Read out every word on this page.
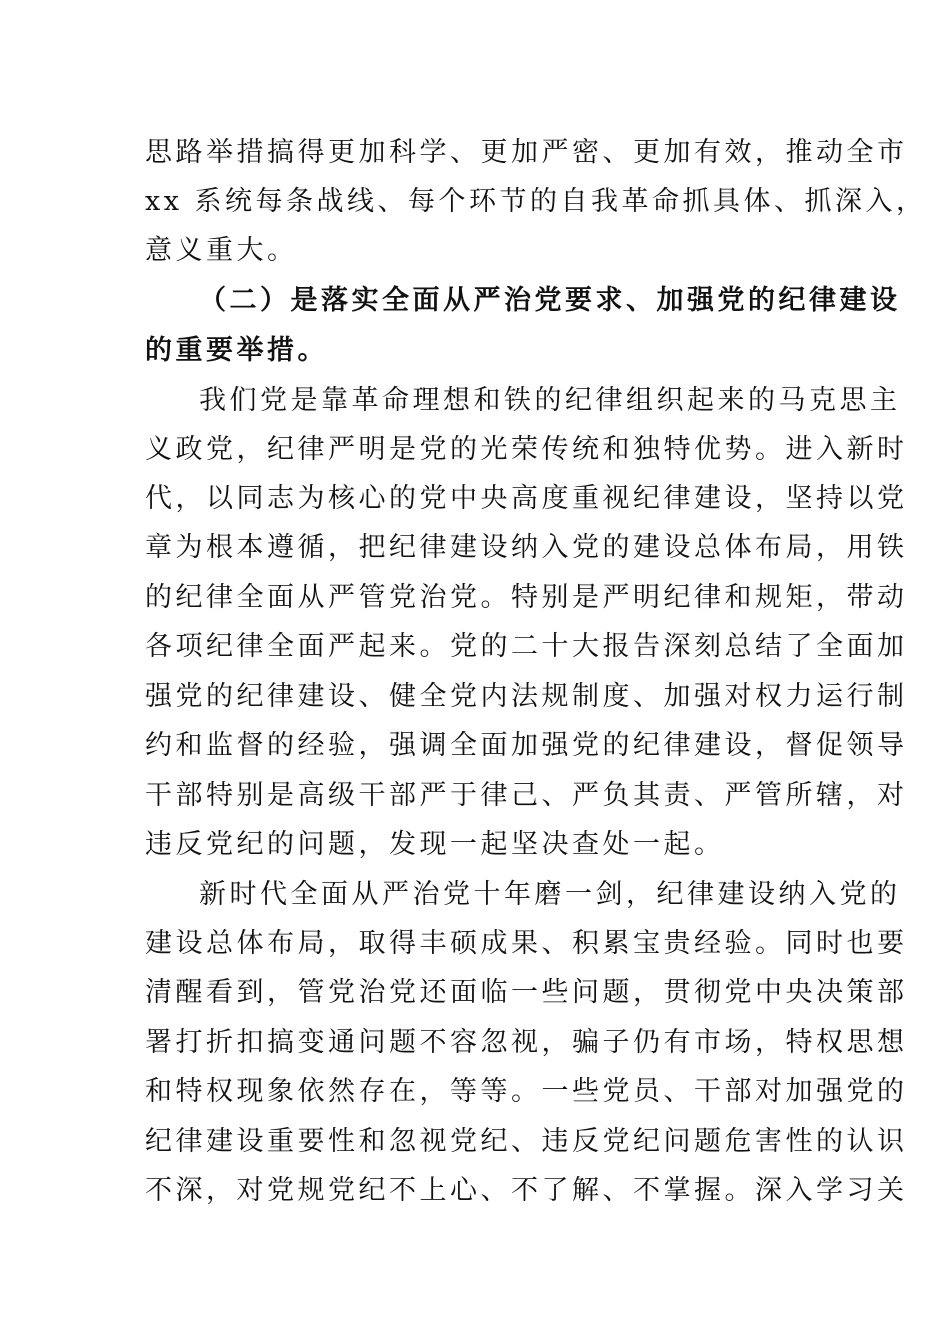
思路举措搞得更加科学、更加严密、更加有效，推动全市
xx 系统每条战线、每个环节的自我革命抓具体、抓深入，
意义重大。
（二）是落实全面从严治党要求、加强党的纪律建设
的重要举措。
我们党是靠革命理想和铁的纪律组织起来的马克思主
义政党，纪律严明是党的光荣传统和独特优势。进入新时
代，以同志为核心的党中央高度重视纪律建设，坚持以党
章为根本遵循，把纪律建设纳入党的建设总体布局，用铁
的纪律全面从严管党治党。特别是严明纪律和规矩，带动
各项纪律全面严起来。党的二十大报告深刻总结了全面加
强党的纪律建设、健全党内法规制度、加强对权力运行制
约和监督的经验，强调全面加强党的纪律建设，督促领导
干部特别是高级干部严于律己、严负其责、严管所辖，对
违反党纪的问题，发现一起坚决查处一起。
新时代全面从严治党十年磨一剑，纪律建设纳入党的
建设总体布局，取得丰硕成果、积累宝贵经验。同时也要
清醒看到，管党治党还面临一些问题，贯彻党中央决策部
署打折扣搞变通问题不容忽视，骗子仍有市场，特权思想
和特权现象依然存在，等等。一些党员、干部对加强党的
纪律建设重要性和忽视党纪、违反党纪问题危害性的认识
不深，对党规党纪不上心、不了解、不掌握。深入学习关
